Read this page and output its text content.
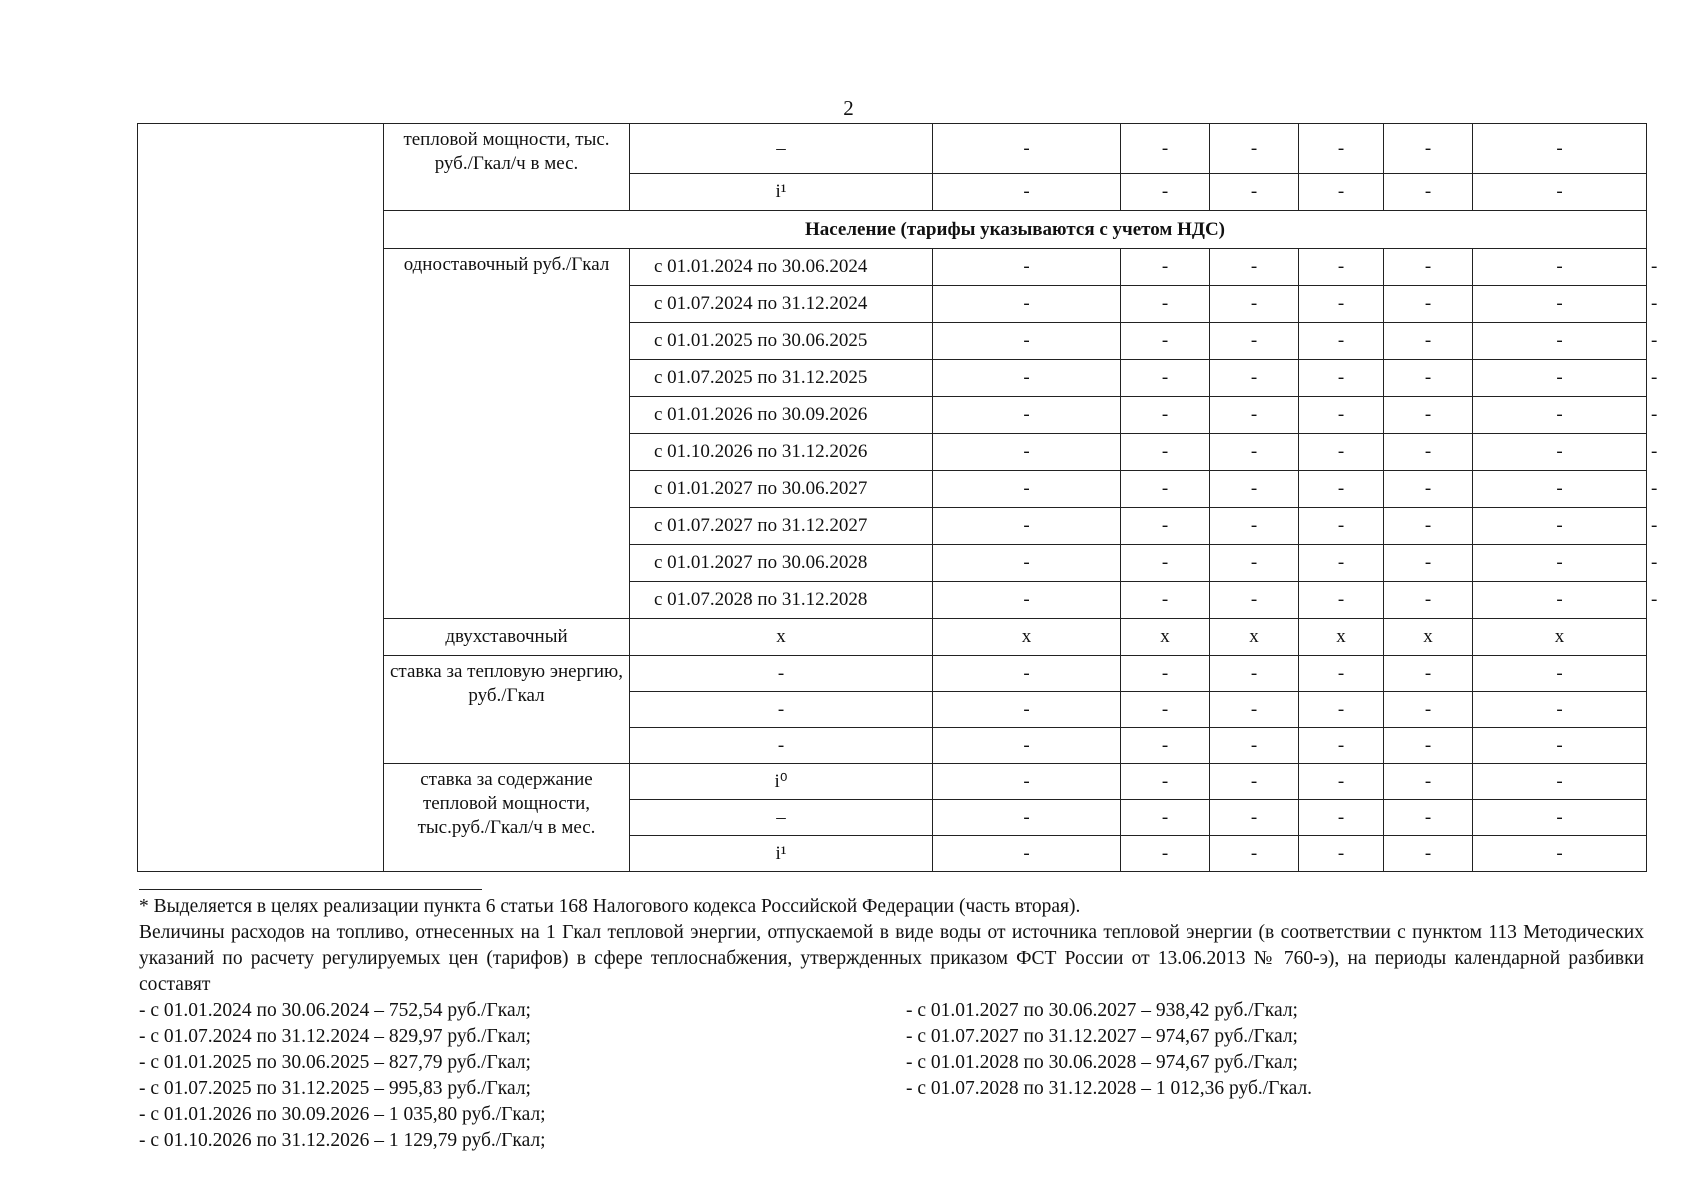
2
	тепловой мощности, тыс. руб./Гкал/ч в мес.	–	-	-	-	-	-	-	
		i¹	-	-	-	-	-	-	
	Население (тарифы указываются с учетом НДС)								
	одноставочный руб./Гкал	с 01.01.2024 по 30.06.2024	-	-	-	-	-	-	-
		с 01.07.2024 по 31.12.2024	-	-	-	-	-	-	-
		с 01.01.2025 по 30.06.2025	-	-	-	-	-	-	-
		с 01.07.2025 по 31.12.2025	-	-	-	-	-	-	-
		с 01.01.2026 по 30.09.2026	-	-	-	-	-	-	-
		с 01.10.2026 по 31.12.2026	-	-	-	-	-	-	-
		с 01.01.2027 по 30.06.2027	-	-	-	-	-	-	-
		с 01.07.2027 по 31.12.2027	-	-	-	-	-	-	-
		с 01.01.2027 по 30.06.2028	-	-	-	-	-	-	-
		с 01.07.2028 по 31.12.2028	-	-	-	-	-	-	-
	двухставочный	x	x	x	x	x	x	x	
	ставка за тепловую энергию, руб./Гкал	-	-	-	-	-	-	-	
		-	-	-	-	-	-	-	
		-	-	-	-	-	-	-	
	ставка за содержание тепловой мощности, тыс.руб./Гкал/ч в мес.	i⁰	-	-	-	-	-	-	
		–	-	-	-	-	-	-	
		i¹	-	-	-	-	-	-	

* Выделяется в целях реализации пункта 6 статьи 168 Налогового кодекса Российской Федерации (часть вторая).

Величины расходов на топливо, отнесенных на 1 Гкал тепловой энергии, отпускаемой в виде воды от источника тепловой энергии (в соответствии с пунктом 113 Методических указаний по расчету регулируемых цен (тарифов) в сфере теплоснабжения, утвержденных приказом ФСТ России от 13.06.2013 № 760-э), на периоды календарной разбивки составят

- с 01.01.2024 по 30.06.2024 – 752,54 руб./Гкал;
- с 01.07.2024 по 31.12.2024 – 829,97 руб./Гкал;
- с 01.01.2025 по 30.06.2025 – 827,79 руб./Гкал;
- с 01.07.2025 по 31.12.2025 – 995,83 руб./Гкал;
- с 01.01.2026 по 30.09.2026 – 1 035,80 руб./Гкал;
- с 01.10.2026 по 31.12.2026 – 1 129,79 руб./Гкал;
- с 01.01.2027 по 30.06.2027 – 938,42 руб./Гкал;
- с 01.07.2027 по 31.12.2027 – 974,67 руб./Гкал;
- с 01.01.2028 по 30.06.2028 – 974,67 руб./Гкал;
- с 01.07.2028 по 31.12.2028 – 1 012,36 руб./Гкал.
